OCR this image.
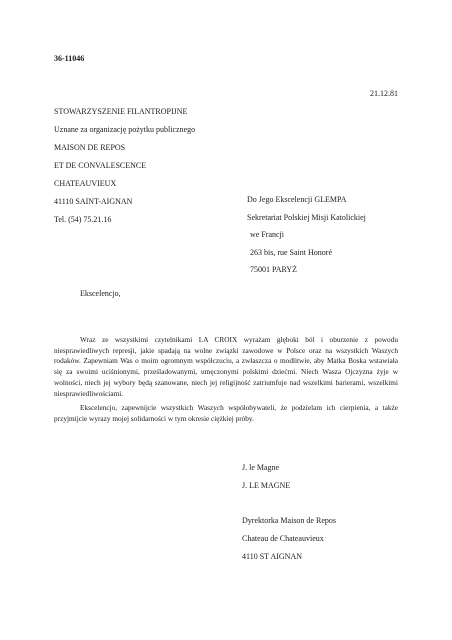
36-11046
21.12.81
STOWARZYSZENIE FILANTROPIJNE
Uznane za organizację pożytku publicznego
MAISON DE REPOS
ET DE CONVALESCENCE
CHATEAUVIEUX
41110 SAINT-AIGNAN
Tel. (54) 75.21.16
Do Jego Ekscelencji GLEMPA
Sekretariat Polskiej Misji Katolickiej
we Francji
263 bis, rue Saint Honoré
75001 PARYŻ
Ekscelencjo,

Wraz ze wszystkimi czytelnikami LA CROIX wyrażam głęboki ból i oburzenie z powodu niesprawiedliwych represji, jakie spadają na wolne związki zawodowe w Polsce oraz na wszystkich Waszych rodaków. Zapewniam Was o moim ogromnym współczuciu, a zwłaszcza o modlitwie, aby Matka Boska wstawiała się za swoimi uciśnionymi, prześladowanymi, umęczonymi polskimi dziećmi. Niech Wasza Ojczyzna żyje w wolności, niech jej wybory będą szanowane, niech jej religijność zatriumfuje nad wszelkimi barierami, wszelkimi niesprawiedliwościami.

Ekscelencjo, zapewnijcie wszystkich Waszych współobywateli, że podzielam ich cierpienia, a także przyjmijcie wyrazy mojej solidarności w tym okresie ciężkiej próby.

J. le Magne
J. LE MAGNE
Dyrektorka Maison de Repos
Chateau de Chateauvieux
4110 ST AIGNAN
